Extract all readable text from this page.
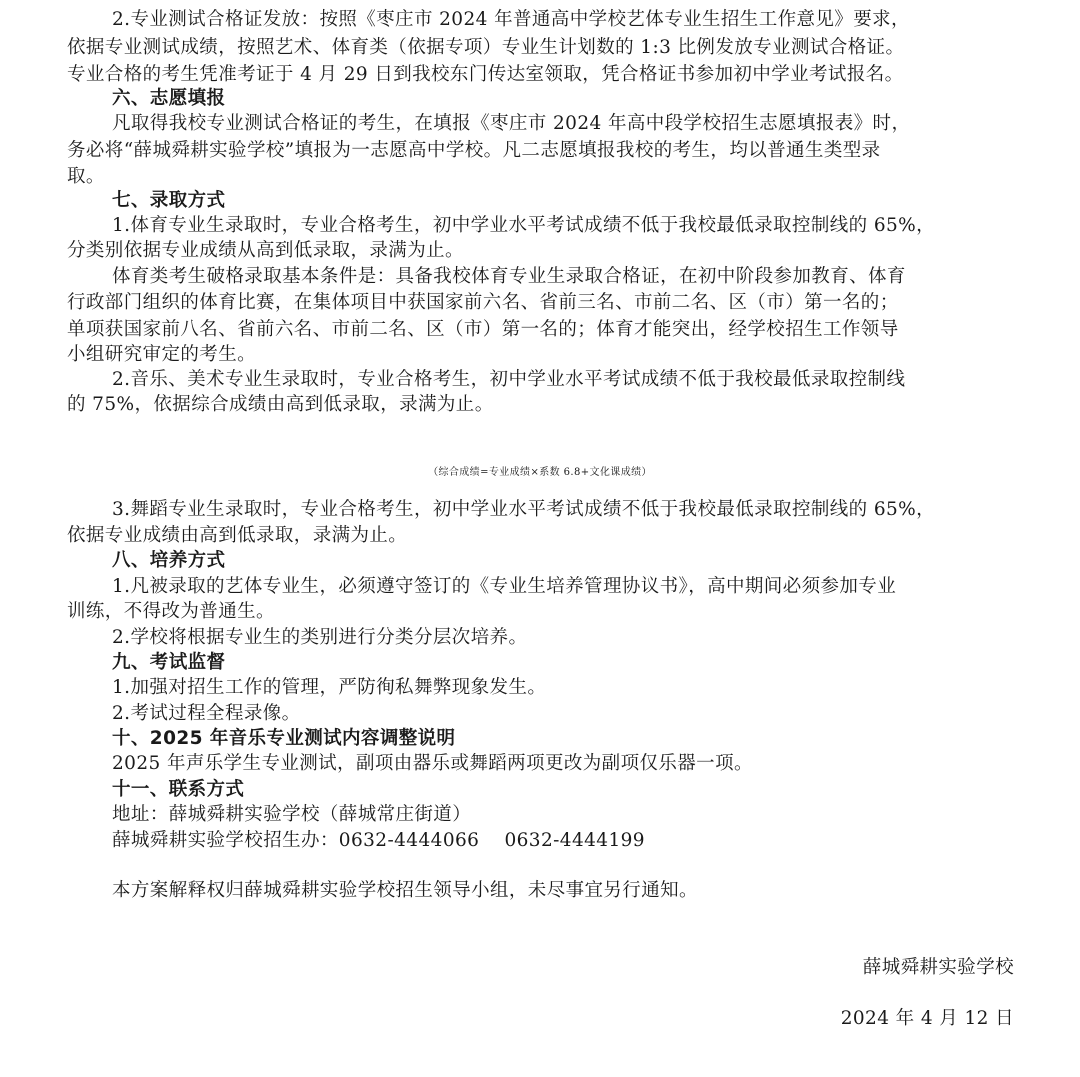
2.专业测试合格证发放：按照《枣庄市 2024 年普通高中学校艺体专业生招生工作意见》要求，
依据专业测试成绩，按照艺术、体育类（依据专项）专业生计划数的 1:3 比例发放专业测试合格证。
专业合格的考生凭准考证于 4 月 29 日到我校东门传达室领取，凭合格证书参加初中学业考试报名。
六、志愿填报
凡取得我校专业测试合格证的考生，在填报《枣庄市 2024 年高中段学校招生志愿填报表》时，
务必将“薛城舜耕实验学校”填报为一志愿高中学校。凡二志愿填报我校的考生，均以普通生类型录
取。
七、录取方式
1.体育专业生录取时，专业合格考生，初中学业水平考试成绩不低于我校最低录取控制线的 65%，
分类别依据专业成绩从高到低录取，录满为止。
体育类考生破格录取基本条件是：具备我校体育专业生录取合格证，在初中阶段参加教育、体育
行政部门组织的体育比赛，在集体项目中获国家前六名、省前三名、市前二名、区（市）第一名的；
单项获国家前八名、省前六名、市前二名、区（市）第一名的；体育才能突出，经学校招生工作领导
小组研究审定的考生。
2.音乐、美术专业生录取时，专业合格考生，初中学业水平考试成绩不低于我校最低录取控制线
的 75%，依据综合成绩由高到低录取，录满为止。
（综合成绩=专业成绩×系数 6.8+文化课成绩）
3.舞蹈专业生录取时，专业合格考生，初中学业水平考试成绩不低于我校最低录取控制线的 65%，
依据专业成绩由高到低录取，录满为止。
八、培养方式
1.凡被录取的艺体专业生，必须遵守签订的《专业生培养管理协议书》，高中期间必须参加专业
训练，不得改为普通生。
2.学校将根据专业生的类别进行分类分层次培养。
九、考试监督
1.加强对招生工作的管理，严防徇私舞弊现象发生。
2.考试过程全程录像。
十、2025 年音乐专业测试内容调整说明
2025 年声乐学生专业测试，副项由器乐或舞蹈两项更改为副项仅乐器一项。
十一、联系方式
地址：薛城舜耕实验学校（薛城常庄街道）
薛城舜耕实验学校招生办：0632-4444066    0632-4444199
本方案解释权归薛城舜耕实验学校招生领导小组，未尽事宜另行通知。
薛城舜耕实验学校
2024 年 4 月 12 日
